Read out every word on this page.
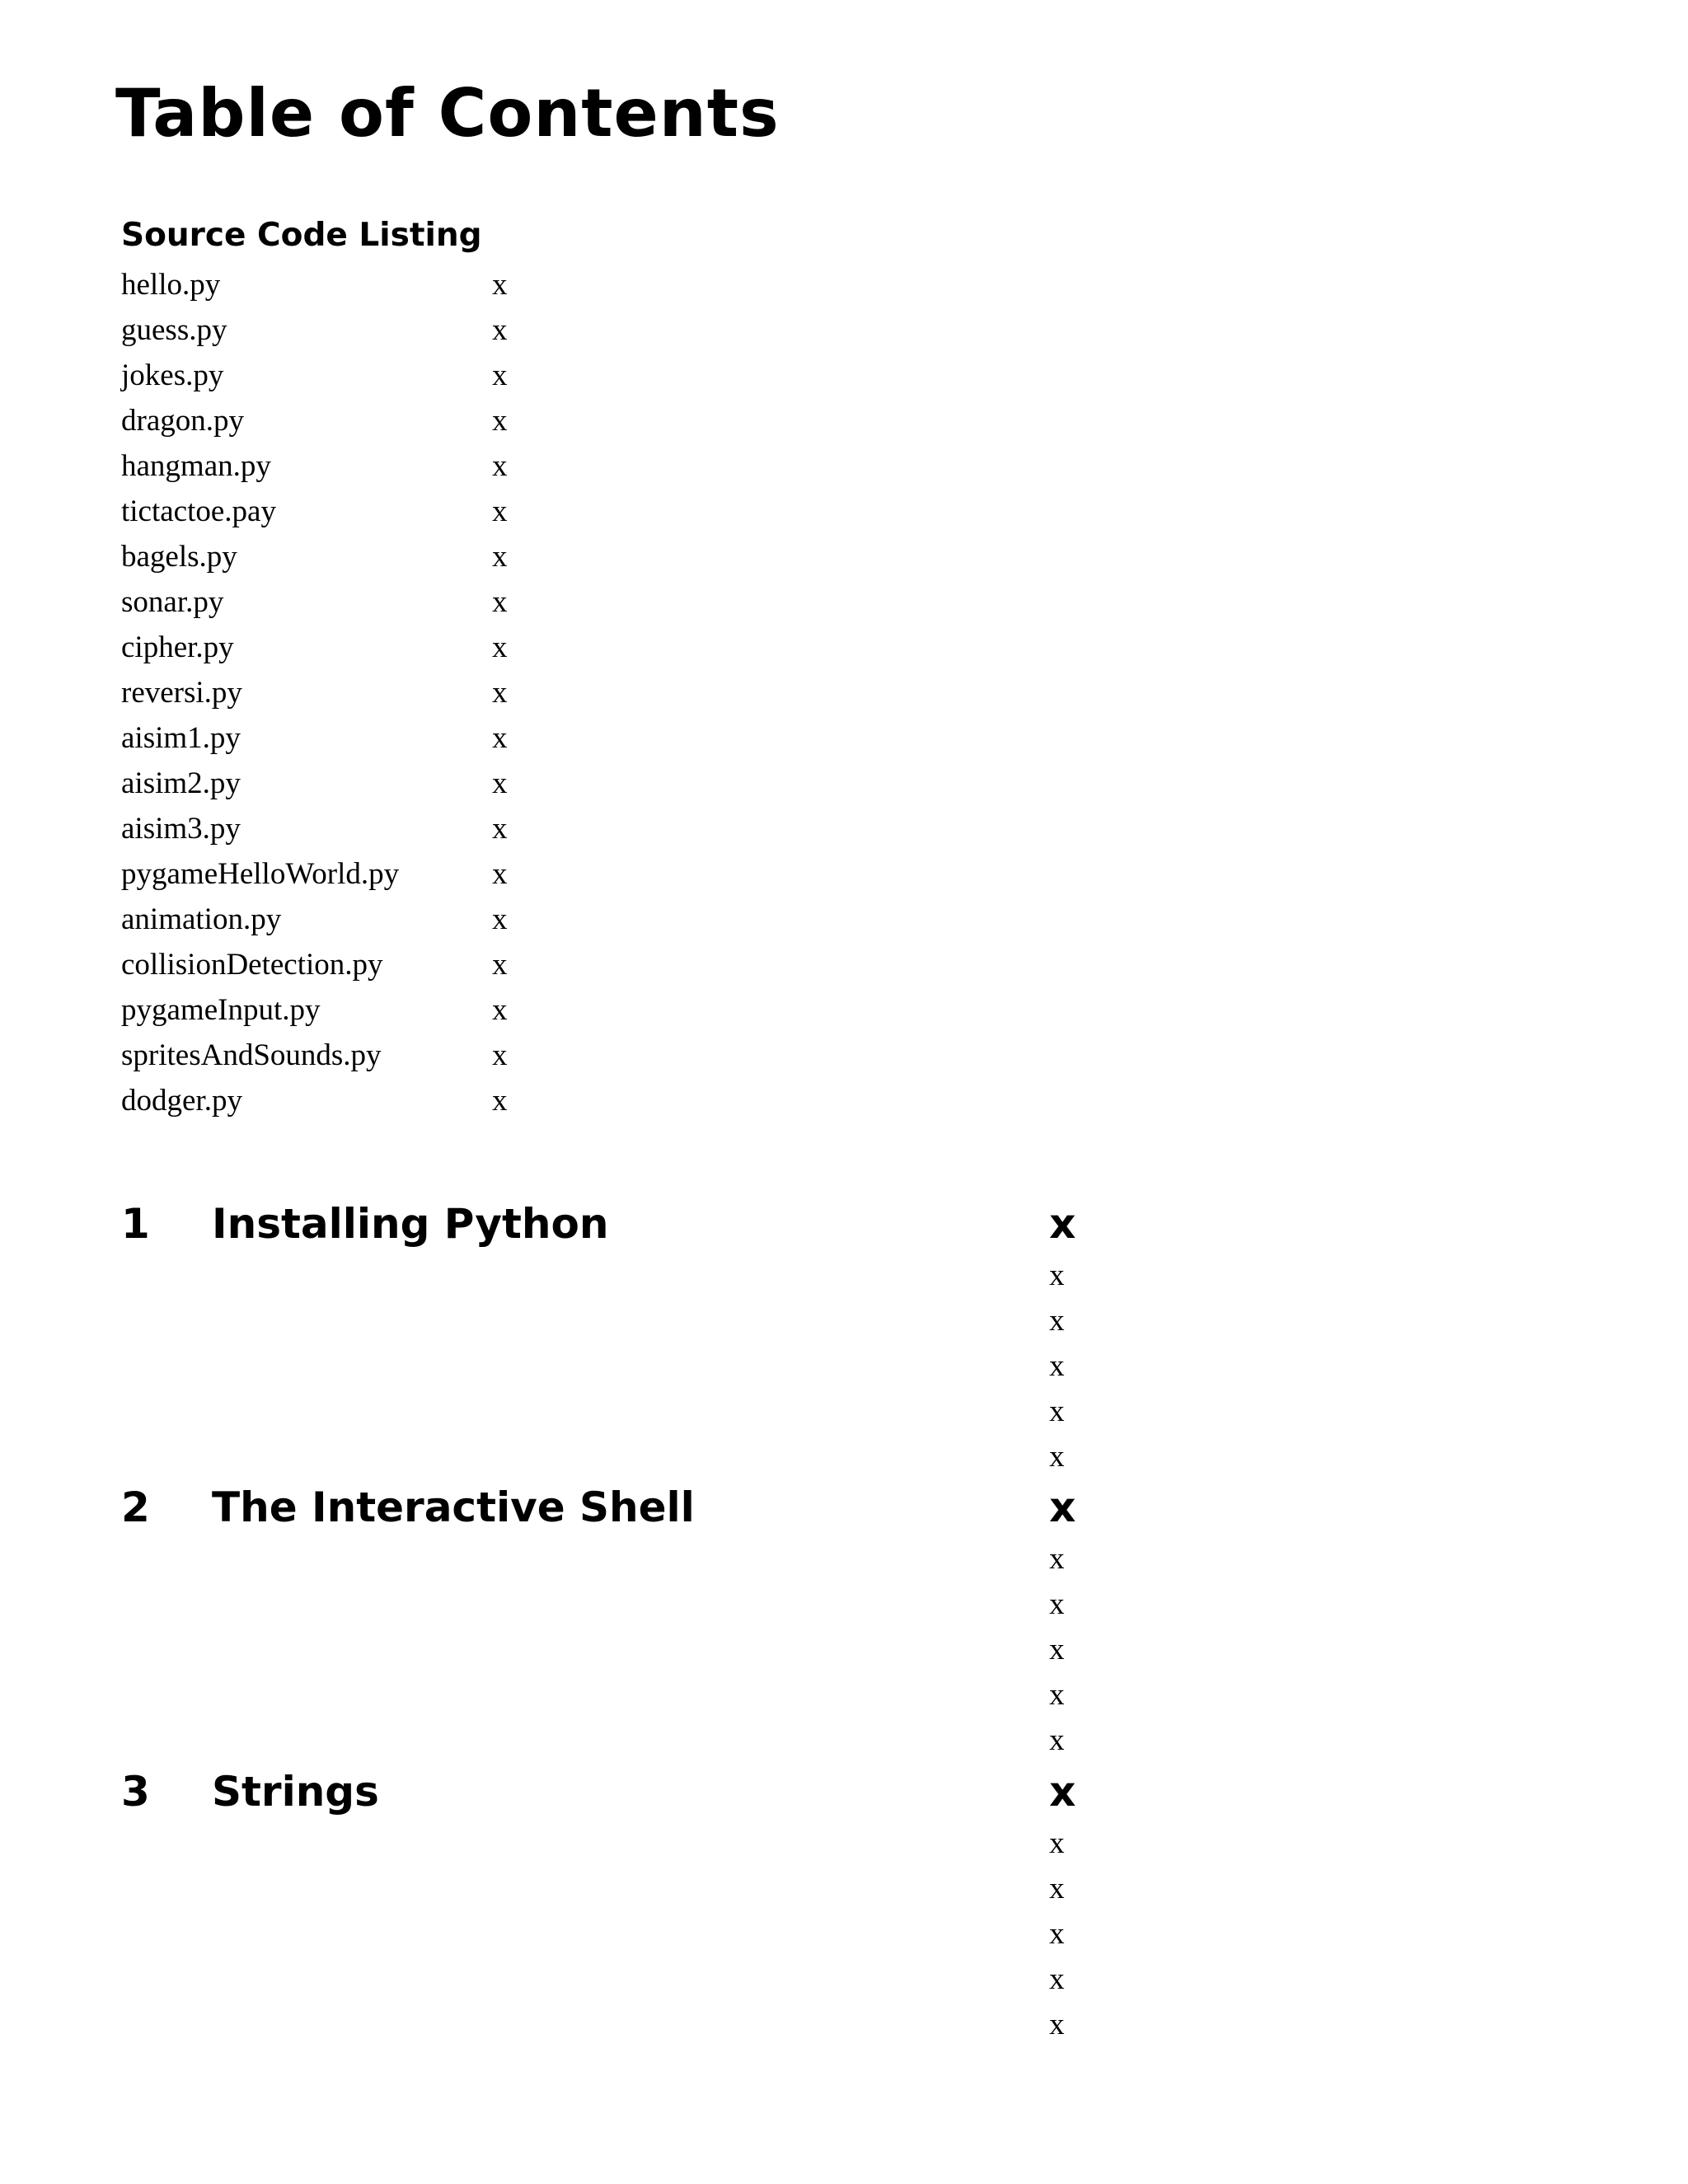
Table of Contents
Source Code Listing
hello.py	x
guess.py	x
jokes.py	x
dragon.py	x
hangman.py	x
tictactoe.pay	x
bagels.py	x
sonar.py	x
cipher.py	x
reversi.py	x
aisim1.py	x
aisim2.py	x
aisim3.py	x
pygameHelloWorld.py	x
animation.py	x
collisionDetection.py	x
pygameInput.py	x
spritesAndSounds.py	x
dodger.py	x
1 Installing Python	x
x
x
x
x
x
2 The Interactive Shell	x
x
x
x
x
x
3 Strings	x
x
x
x
x
x
